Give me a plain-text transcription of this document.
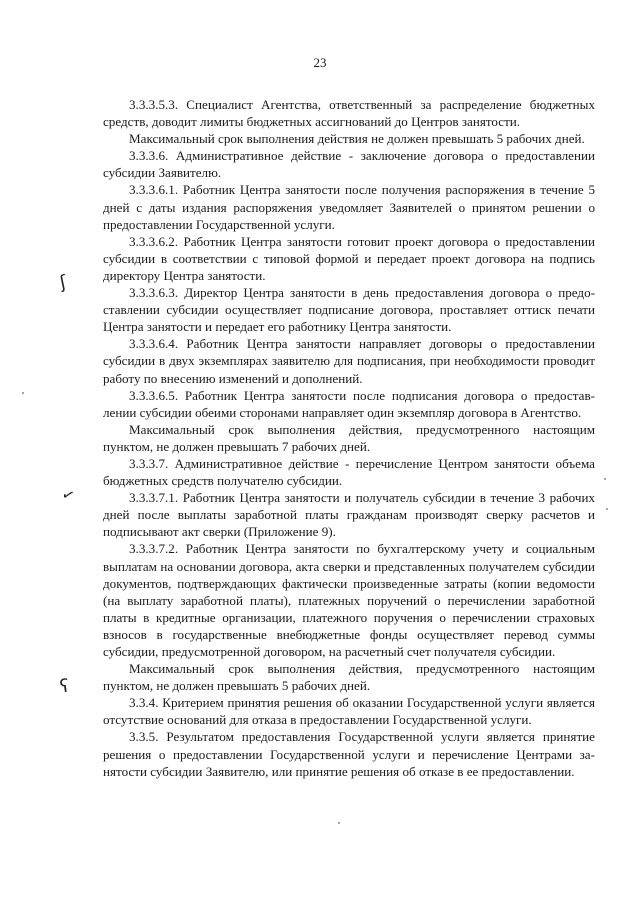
23

3.3.3.5.3. Специалист Агентства, ответственный за распределение бюджетных средств, доводит лимиты бюджетных ассигнований до Центров занятости.

Максимальный срок выполнения действия не должен превышать 5 рабочих дней.

3.3.3.6. Административное действие - заключение договора о предоставлении субсидии Заявителю.

3.3.3.6.1. Работник Центра занятости после получения распоряжения в течение 5 дней с даты издания распоряжения уведомляет Заявителей о принятом решении о предоставлении Государственной услуги.

3.3.3.6.2. Работник Центра занятости готовит проект договора о предоставлении субсидии в соответствии с типовой формой и передает проект договора на подпись директору Центра занятости.

3.3.3.6.3. Директор Центра занятости в день предоставления договора о предоставлении субсидии осуществляет подписание договора, проставляет оттиск печати Центра занятости и передает его работнику Центра занятости.

3.3.3.6.4. Работник Центра занятости направляет договоры о предоставлении субсидии в двух экземплярах заявителю для подписания, при необходимости проводит работу по внесению изменений и дополнений.

3.3.3.6.5. Работник Центра занятости после подписания договора о предоставлении субсидии обеими сторонами направляет один экземпляр договора в Агентство.

Максимальный срок выполнения действия, предусмотренного настоящим пунктом, не должен превышать 7 рабочих дней.

3.3.3.7. Административное действие - перечисление Центром занятости объема бюджетных средств получателю субсидии.

3.3.3.7.1. Работник Центра занятости и получатель субсидии в течение 3 рабочих дней после выплаты заработной платы гражданам производят сверку расчетов и подписывают акт сверки (Приложение 9).

3.3.3.7.2. Работник Центра занятости по бухгалтерскому учету и социальным выплатам на основании договора, акта сверки и представленных получателем субсидии документов, подтверждающих фактически произведенные затраты (копии ведомости (на выплату заработной платы), платежных поручений о перечислении заработной платы в кредитные организации, платежного поручения о перечислении страховых взносов в государственные внебюджетные фонды осуществляет перевод суммы субсидии, предусмотренной договором, на расчетный счет получателя субсидии.

Максимальный срок выполнения действия, предусмотренного настоящим пунктом, не должен превышать 5 рабочих дней.

3.3.4. Критерием принятия решения об оказании Государственной услуги является отсутствие оснований для отказа в предоставлении Государственной услуги.

3.3.5. Результатом предоставления Государственной услуги является принятие решения о предоставлении Государственной услуги и перечисление Центрами занятости субсидии Заявителю, или принятие решения об отказе в ее предоставлении.

ʃ
✓
ʕ
